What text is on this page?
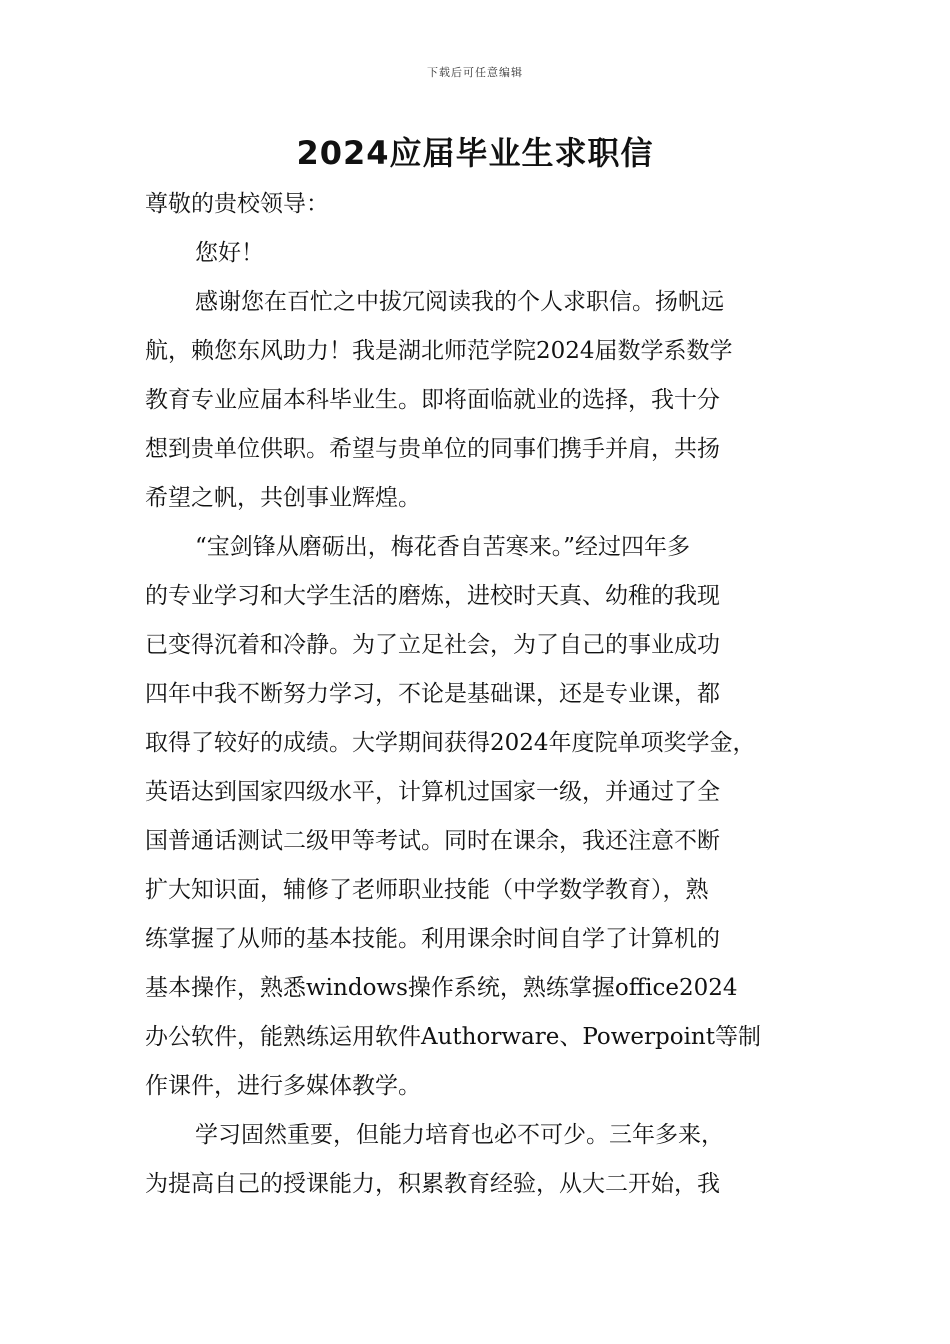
下载后可任意编辑
2024应届毕业生求职信
尊敬的贵校领导：
您好！
感谢您在百忙之中拔冗阅读我的个人求职信。扬帆远
航，赖您东风助力！我是湖北师范学院2024届数学系数学
教育专业应届本科毕业生。即将面临就业的选择，我十分
想到贵单位供职。希望与贵单位的同事们携手并肩，共扬
希望之帆，共创事业辉煌。
“宝剑锋从磨砺出，梅花香自苦寒来。”经过四年多
的专业学习和大学生活的磨炼，进校时天真、幼稚的我现
已变得沉着和冷静。为了立足社会，为了自己的事业成功
四年中我不断努力学习，不论是基础课，还是专业课，都
取得了较好的成绩。大学期间获得2024年度院单项奖学金，
英语达到国家四级水平，计算机过国家一级，并通过了全
国普通话测试二级甲等考试。同时在课余，我还注意不断
扩大知识面，辅修了老师职业技能（中学数学教育），熟
练掌握了从师的基本技能。利用课余时间自学了计算机的
基本操作，熟悉windows操作系统，熟练掌握office2024
办公软件，能熟练运用软件Authorware、Powerpoint等制
作课件，进行多媒体教学。
学习固然重要，但能力培育也必不可少。三年多来，
为提高自己的授课能力，积累教育经验，从大二开始，我
